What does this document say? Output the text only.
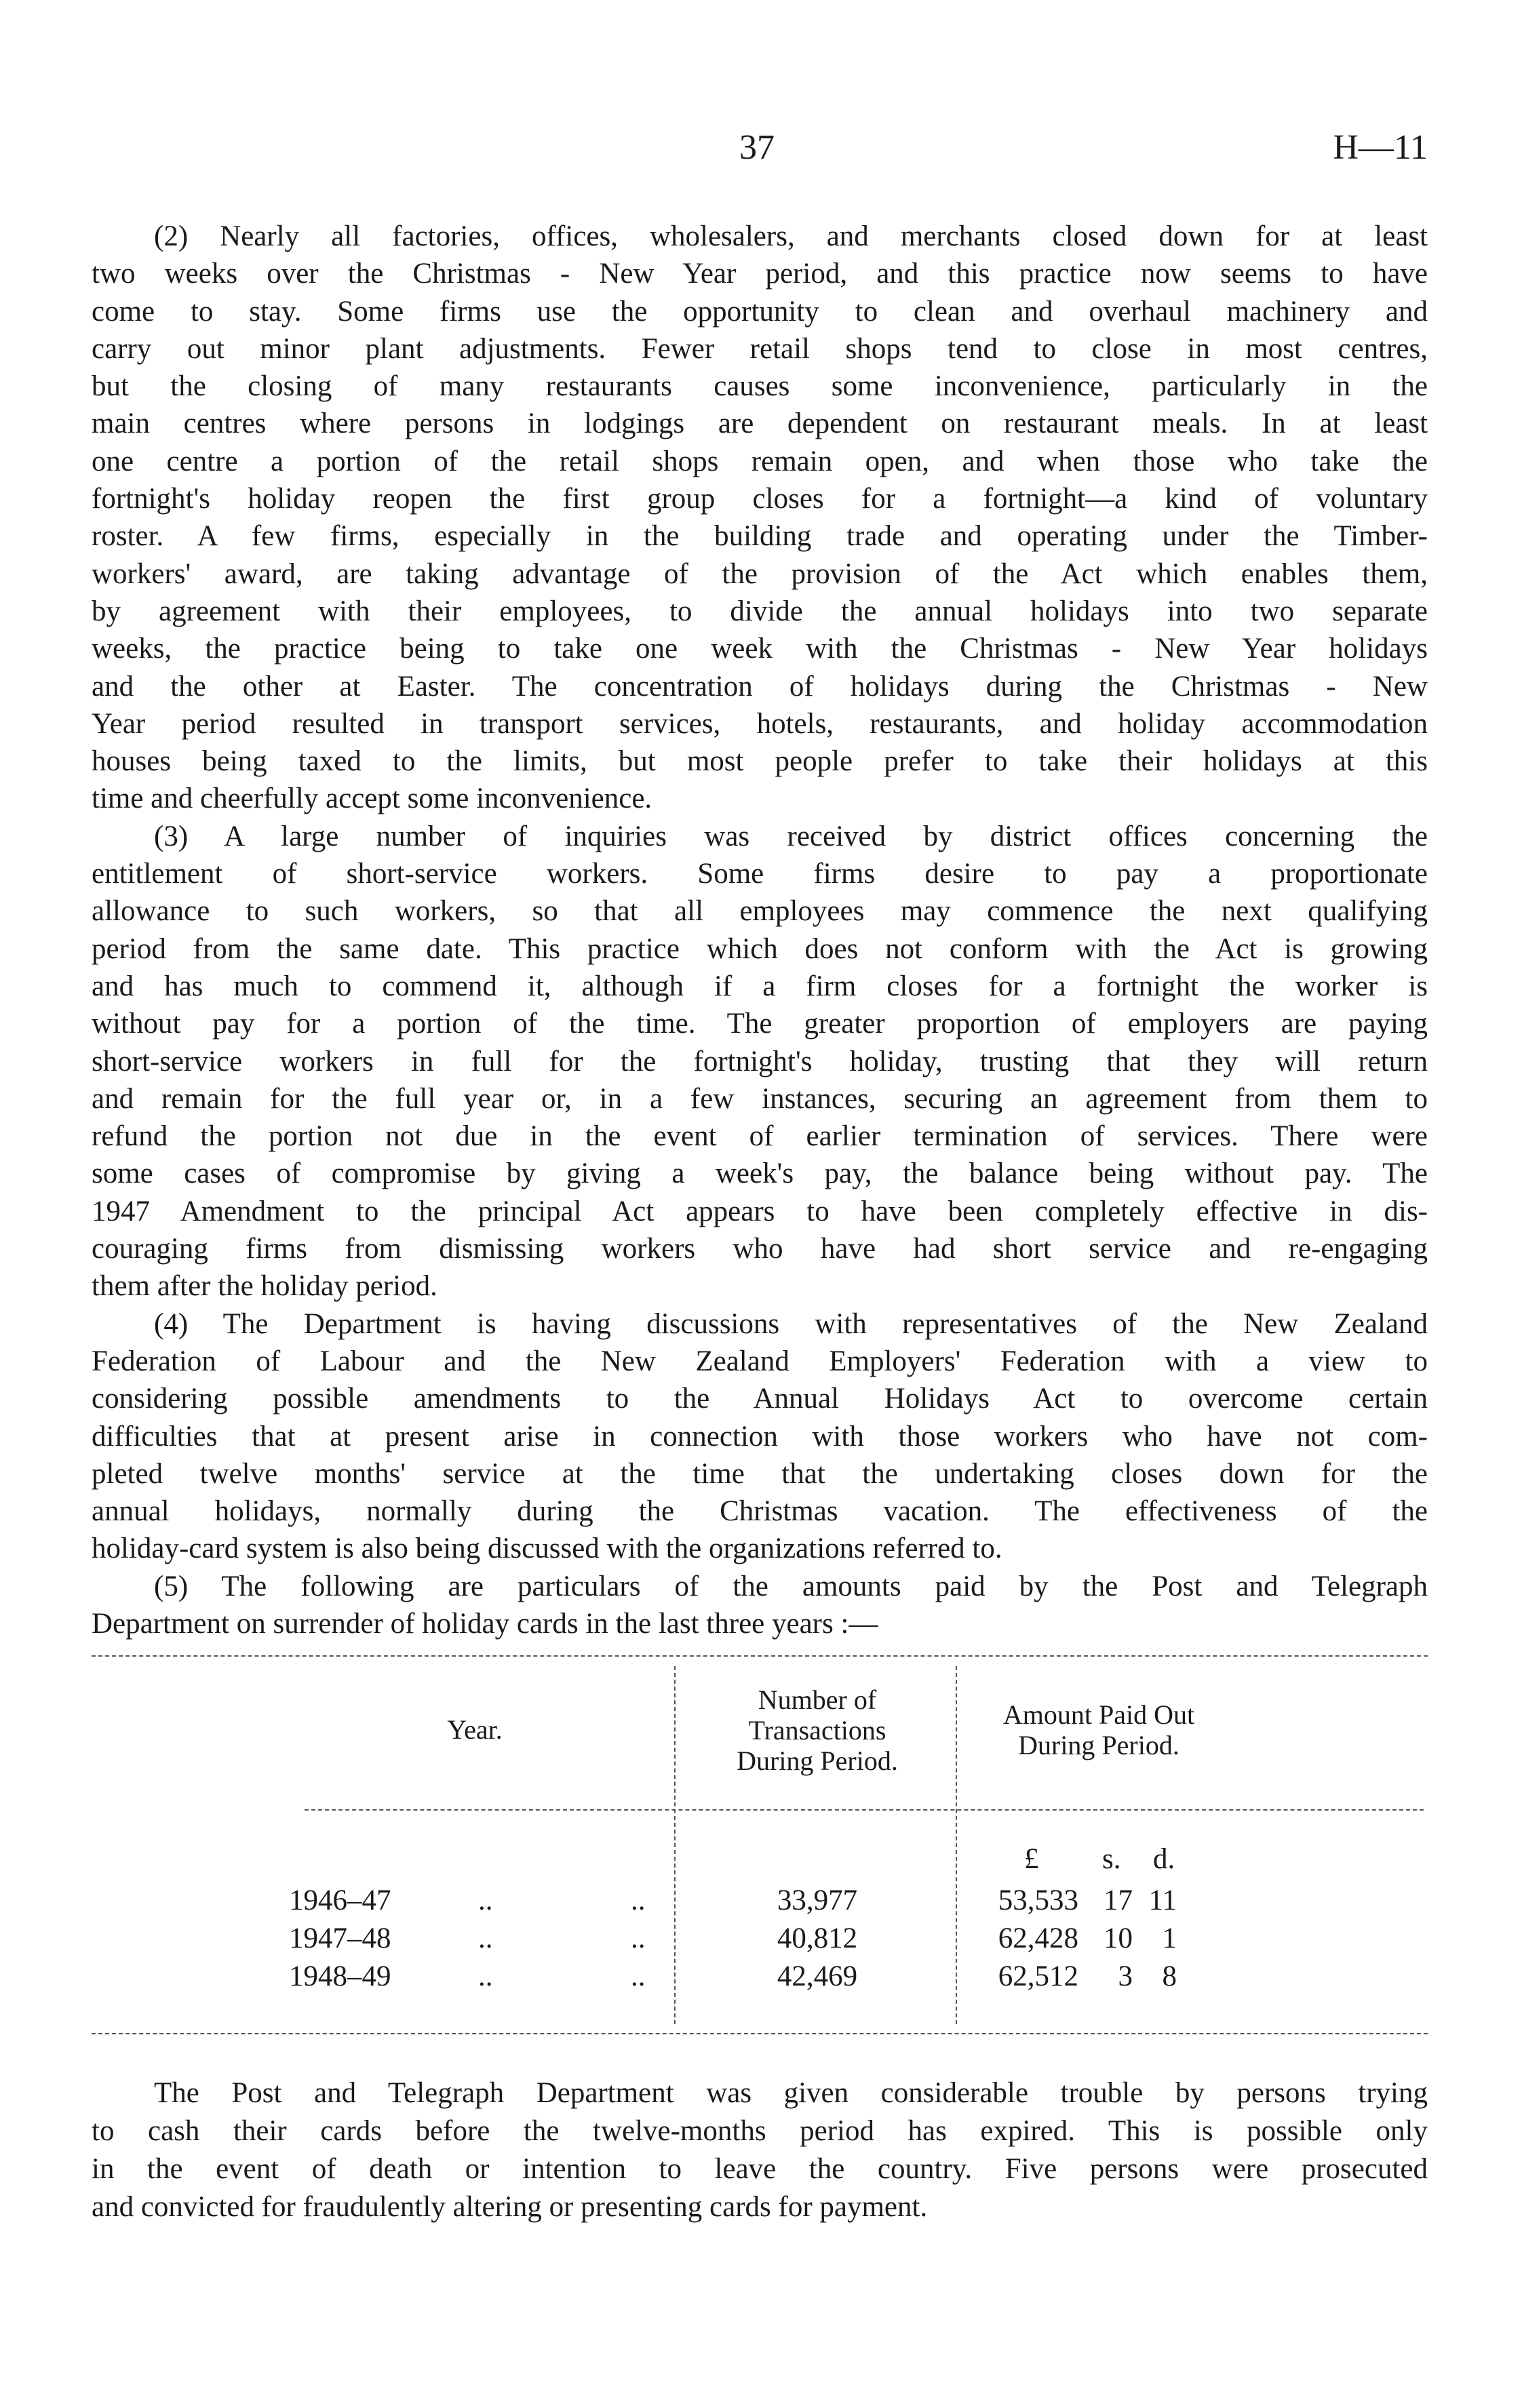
37	H—11
(2) Nearly all factories, offices, wholesalers, and merchants closed down for at least
two weeks over the Christmas - New Year period, and this practice now seems to have
come to stay. Some firms use the opportunity to clean and overhaul machinery and
carry out minor plant adjustments. Fewer retail shops tend to close in most centres,
but the closing of many restaurants causes some inconvenience, particularly in the
main centres where persons in lodgings are dependent on restaurant meals. In at least
one centre a portion of the retail shops remain open, and when those who take the
fortnight's holiday reopen the first group closes for a fortnight—a kind of voluntary
roster. A few firms, especially in the building trade and operating under the Timber-
workers' award, are taking advantage of the provision of the Act which enables them,
by agreement with their employees, to divide the annual holidays into two separate
weeks, the practice being to take one week with the Christmas - New Year holidays
and the other at Easter. The concentration of holidays during the Christmas - New
Year period resulted in transport services, hotels, restaurants, and holiday accommodation
houses being taxed to the limits, but most people prefer to take their holidays at this
time and cheerfully accept some inconvenience.
(3) A large number of inquiries was received by district offices concerning the
entitlement of short-service workers. Some firms desire to pay a proportionate
allowance to such workers, so that all employees may commence the next qualifying
period from the same date. This practice which does not conform with the Act is growing
and has much to commend it, although if a firm closes for a fortnight the worker is
without pay for a portion of the time. The greater proportion of employers are paying
short-service workers in full for the fortnight's holiday, trusting that they will return
and remain for the full year or, in a few instances, securing an agreement from them to
refund the portion not due in the event of earlier termination of services. There were
some cases of compromise by giving a week's pay, the balance being without pay. The
1947 Amendment to the principal Act appears to have been completely effective in dis-
couraging firms from dismissing workers who have had short service and re-engaging
them after the holiday period.
(4) The Department is having discussions with representatives of the New Zealand
Federation of Labour and the New Zealand Employers' Federation with a view to
considering possible amendments to the Annual Holidays Act to overcome certain
difficulties that at present arise in connection with those workers who have not com-
pleted twelve months' service at the time that the undertaking closes down for the
annual holidays, normally during the Christmas vacation. The effectiveness of the
holiday-card system is also being discussed with the organizations referred to.
(5) The following are particulars of the amounts paid by the Post and Telegraph
Department on surrender of holiday cards in the last three years :—
Year.
Number of
Transactions
During Period.
Amount Paid Out
During Period.
£ s. d.
1946–47	..	..	33,977	53,533 17 11
1947–48	..	..	40,812	62,428 10	1
1948–49	..	..	42,469	62,512	3	8
The Post and Telegraph Department was given considerable trouble by persons trying
to cash their cards before the twelve-months period has expired. This is possible only
in the event of death or intention to leave the country. Five persons were prosecuted
and convicted for fraudulently altering or presenting cards for payment.
